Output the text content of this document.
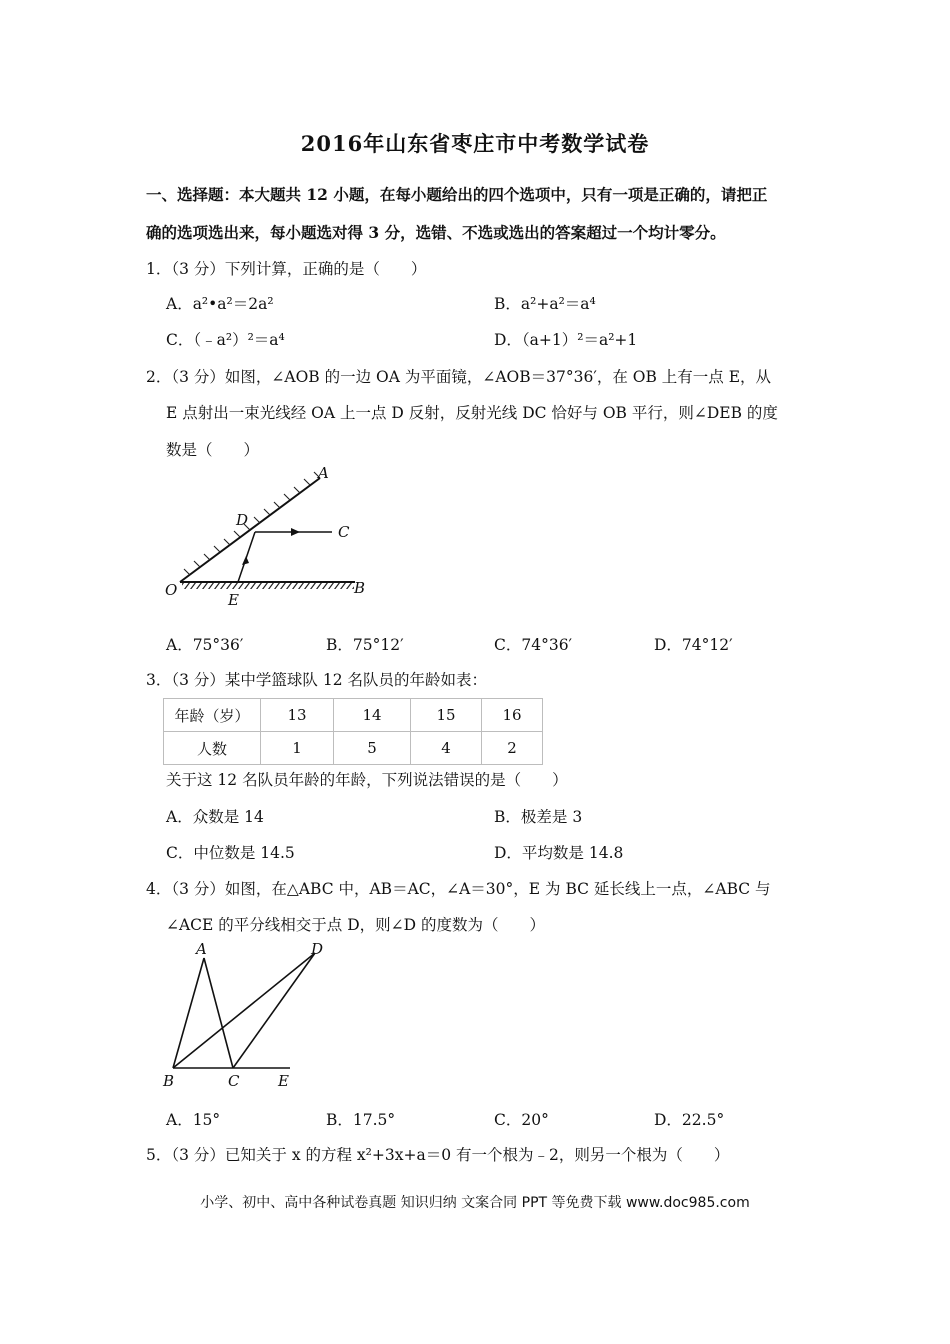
2016年山东省枣庄市中考数学试卷
一、选择题：本大题共 12 小题，在每小题给出的四个选项中，只有一项是正确的，请把正
确的选项选出来，每小题选对得 3 分，选错、不选或选出的答案超过一个均计零分。
1．（3 分）下列计算，正确的是（　　）
A．a²•a²＝2a²	B．a²+a²＝a⁴
C．（﹣a²）²＝a⁴	D．（a+1）²＝a²+1
2．（3 分）如图，∠AOB 的一边 OA 为平面镜，∠AOB＝37°36′，在 OB 上有一点 E，从
E 点射出一束光线经 OA 上一点 D 反射，反射光线 DC 恰好与 OB 平行，则∠DEB 的度
数是（　　）
A
D
C
O
E
B
A．75°36′	B．75°12′	C．74°36′	D．74°12′
3．（3 分）某中学篮球队 12 名队员的年龄如表：
年龄（岁）	13	14	15	16
人数	1	5	4	2
关于这 12 名队员年龄的年龄，下列说法错误的是（　　）
A．众数是 14	B．极差是 3
C．中位数是 14.5	D．平均数是 14.8
4．（3 分）如图，在△ABC 中，AB＝AC，∠A＝30°，E 为 BC 延长线上一点，∠ABC 与
∠ACE 的平分线相交于点 D，则∠D 的度数为（　　）
A	D
B	C	E
A．15°	B．17.5°	C．20°	D．22.5°
5．（3 分）已知关于 x 的方程 x²+3x+a＝0 有一个根为﹣2，则另一个根为（　　）
小学、初中、高中各种试卷真题 知识归纳 文案合同 PPT 等免费下载 www.doc985.com
